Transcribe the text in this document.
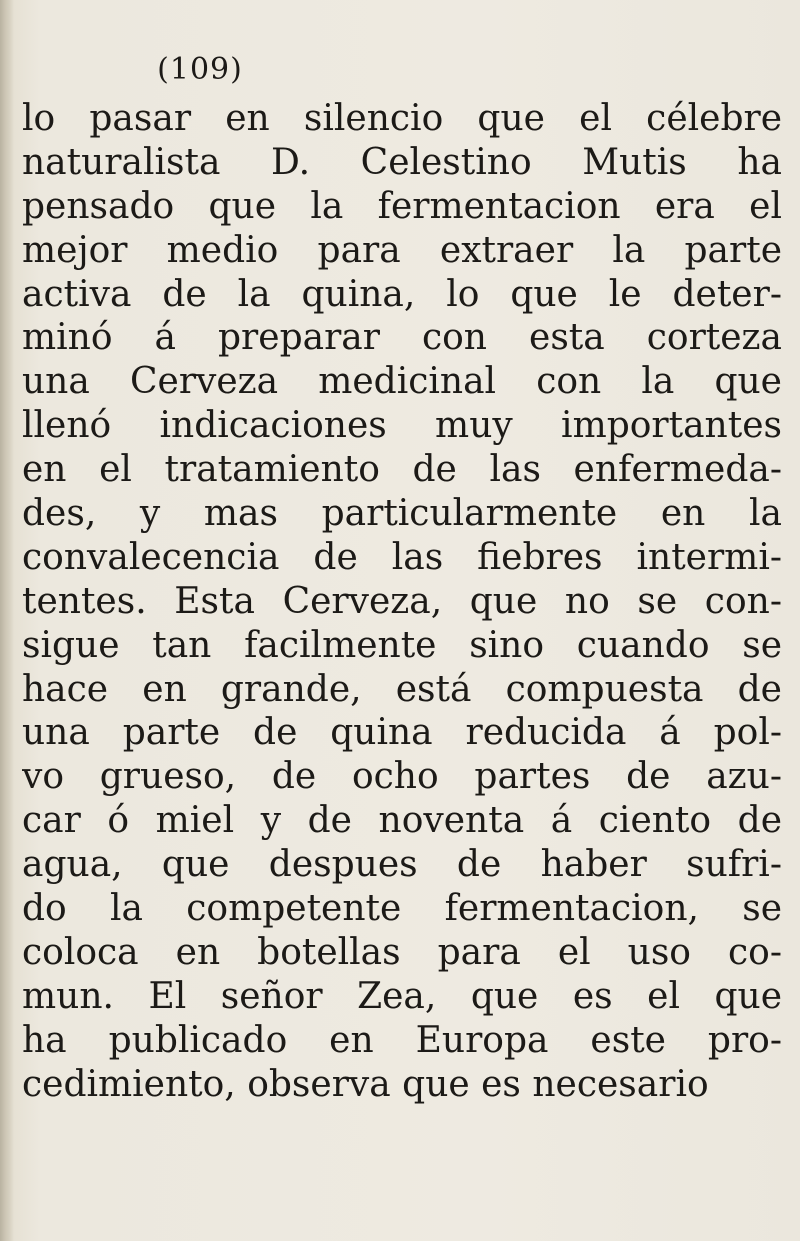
(109)
lo pasar en silencio que el célebre
naturalista D. Celestino Mutis ha
pensado que la fermentacion era el
mejor medio para extraer la parte
activa de la quina, lo que le deter-
minó á preparar con esta corteza
una Cerveza medicinal con la que
llenó indicaciones muy importantes
en el tratamiento de las enfermeda-
des, y mas particularmente en la
convalecencia de las fiebres intermi-
tentes. Esta Cerveza, que no se con-
sigue tan facilmente sino cuando se
hace en grande, está compuesta de
una parte de quina reducida á pol-
vo grueso, de ocho partes de azu-
car ó miel y de noventa á ciento de
agua, que despues de haber sufri-
do la competente fermentacion, se
coloca en botellas para el uso co-
mun. El señor Zea, que es el que
ha publicado en Europa este pro-
cedimiento, observa que es necesario
